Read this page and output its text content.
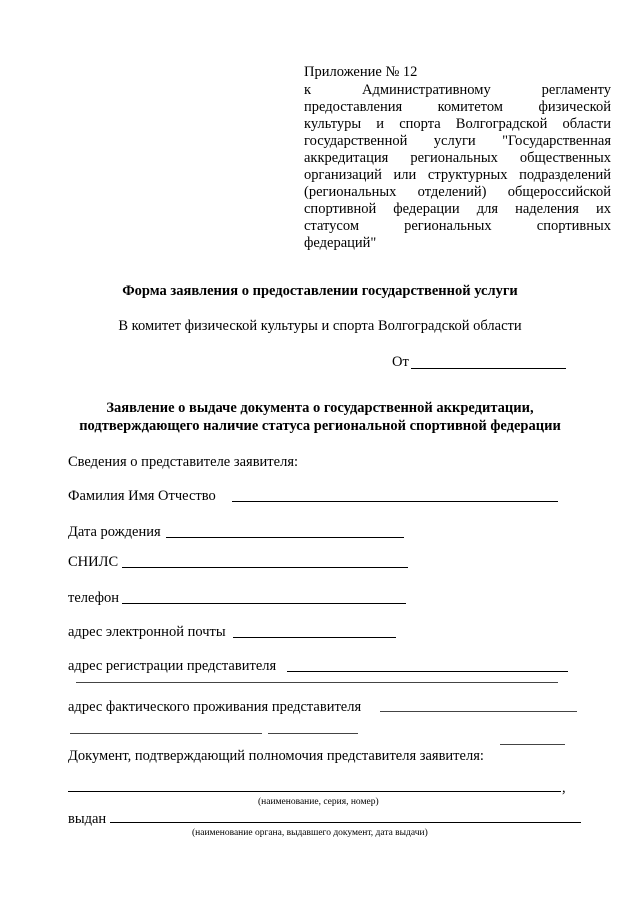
Приложение № 12
к Административному регламенту
предоставления комитетом физической
культуры и спорта Волгоградской области
государственной услуги "Государственная
аккредитация региональных общественных
организаций или структурных подразделений
(региональных отделений) общероссийской
спортивной федерации для наделения их
статусом региональных спортивных
федераций"
Форма заявления о предоставлении государственной услуги
В комитет физической культуры и спорта Волгоградской области
От
Заявление о выдаче документа о государственной аккредитации,
подтверждающего наличие статуса региональной спортивной федерации
Сведения о представителе заявителя:
Фамилия Имя Отчество
Дата рождения
СНИЛС
телефон
адрес электронной почты
адрес регистрации представителя
адрес фактического проживания представителя
Документ, подтверждающий полномочия представителя заявителя:
,
(наименование, серия, номер)
выдан
(наименование органа, выдавшего документ, дата выдачи)
